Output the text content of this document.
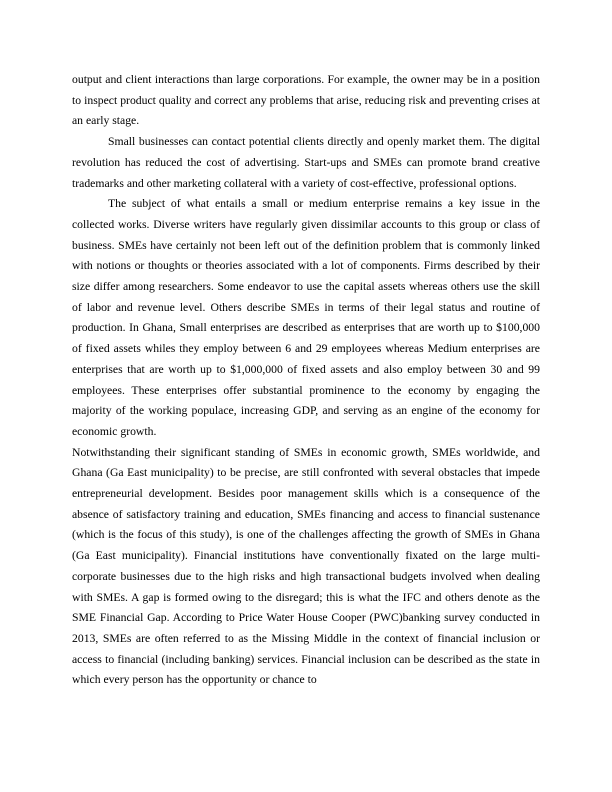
output and client interactions than large corporations. For example, the owner may be in a position to inspect product quality and correct any problems that arise, reducing risk and preventing crises at an early stage.

Small businesses can contact potential clients directly and openly market them. The digital revolution has reduced the cost of advertising. Start-ups and SMEs can promote brand creative trademarks and other marketing collateral with a variety of cost-effective, professional options.

The subject of what entails a small or medium enterprise remains a key issue in the collected works. Diverse writers have regularly given dissimilar accounts to this group or class of business. SMEs have certainly not been left out of the definition problem that is commonly linked with notions or thoughts or theories associated with a lot of components. Firms described by their size differ among researchers. Some endeavor to use the capital assets whereas others use the skill of labor and revenue level. Others describe SMEs in terms of their legal status and routine of production. In Ghana, Small enterprises are described as enterprises that are worth up to $100,000 of fixed assets whiles they employ between 6 and 29 employees whereas Medium enterprises are enterprises that are worth up to $1,000,000 of fixed assets and also employ between 30 and 99 employees. These enterprises offer substantial prominence to the economy by engaging the majority of the working populace, increasing GDP, and serving as an engine of the economy for economic growth.

Notwithstanding their significant standing of SMEs in economic growth, SMEs worldwide, and Ghana (Ga East municipality) to be precise, are still confronted with several obstacles that impede entrepreneurial development. Besides poor management skills which is a consequence of the absence of satisfactory training and education, SMEs financing and access to financial sustenance (which is the focus of this study), is one of the challenges affecting the growth of SMEs in Ghana (Ga East municipality). Financial institutions have conventionally fixated on the large multi-corporate businesses due to the high risks and high transactional budgets involved when dealing with SMEs. A gap is formed owing to the disregard; this is what the IFC and others denote as the SME Financial Gap. According to Price Water House Cooper (PWC)banking survey conducted in 2013, SMEs are often referred to as the Missing Middle in the context of financial inclusion or access to financial (including banking) services. Financial inclusion can be described as the state in which every person has the opportunity or chance to
